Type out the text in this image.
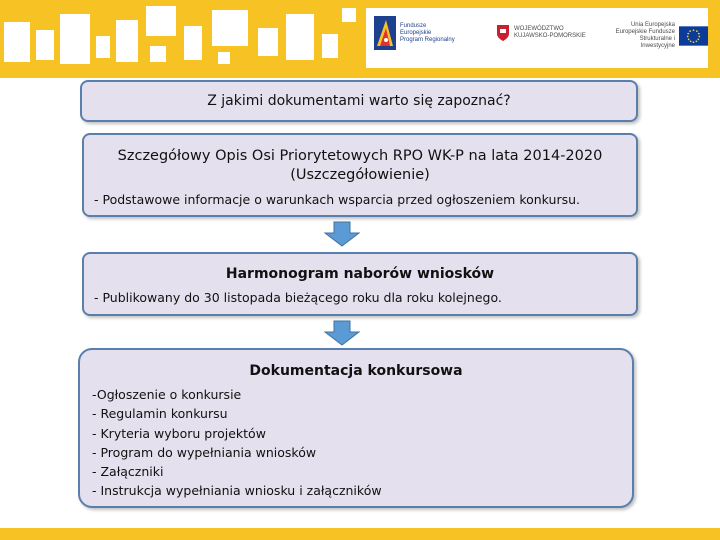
Fundusze
Europejskie
Program Regionalny
WOJEWÓDZTWO
KUJAWSKO-POMORSKIE
Unia Europejska
Europejskie Fundusze
Strukturalne i Inwestycyjne
Z jakimi dokumentami warto się zapoznać?
Szczegółowy Opis Osi Priorytetowych RPO WK-P na lata 2014-2020 (Uszczegółowienie)
- Podstawowe informacje o warunkach wsparcia przed ogłoszeniem konkursu.
Harmonogram naborów wniosków
- Publikowany do 30 listopada bieżącego roku dla roku kolejnego.
Dokumentacja konkursowa
-Ogłoszenie o konkursie
- Regulamin konkursu
- Kryteria wyboru projektów
- Program do wypełniania wniosków
- Załączniki
- Instrukcja wypełniania wniosku i załączników
